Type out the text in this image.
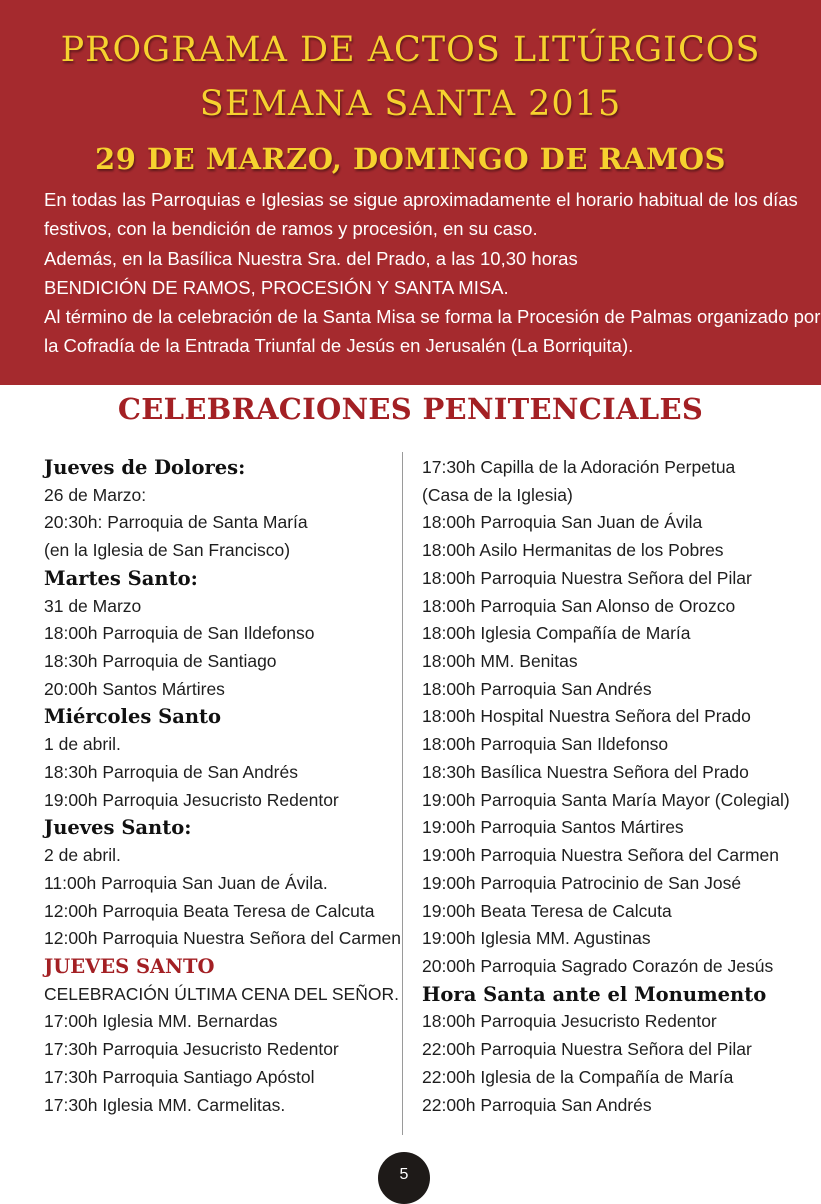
PROGRAMA DE ACTOS LITÚRGICOS
SEMANA SANTA 2015
29 DE MARZO, DOMINGO DE RAMOS
En todas las Parroquias e Iglesias se sigue aproximadamente el horario habitual de los días
festivos, con la bendición de ramos y procesión, en su caso.
Además, en la Basílica Nuestra Sra. del Prado, a las 10,30 horas
BENDICIÓN DE RAMOS, PROCESIÓN Y SANTA MISA.
Al término de la celebración de la Santa Misa se forma la Procesión de Palmas organizado por
la Cofradía de la Entrada Triunfal de Jesús en Jerusalén (La Borriquita).
CELEBRACIONES PENITENCIALES
Jueves de Dolores:
26 de Marzo:
20:30h: Parroquia de Santa María
(en la Iglesia de San Francisco)
Martes Santo:
31 de Marzo
18:00h Parroquia de San Ildefonso
18:30h Parroquia de Santiago
20:00h Santos Mártires
Miércoles Santo
1 de abril.
18:30h Parroquia de San Andrés
19:00h Parroquia Jesucristo Redentor
Jueves Santo:
2 de abril.
11:00h Parroquia San Juan de Ávila.
12:00h Parroquia Beata Teresa de Calcuta
12:00h Parroquia Nuestra Señora del Carmen
JUEVES SANTO
CELEBRACIÓN ÚLTIMA CENA DEL SEÑOR.
17:00h Iglesia MM. Bernardas
17:30h Parroquia Jesucristo Redentor
17:30h Parroquia Santiago Apóstol
17:30h Iglesia MM. Carmelitas.
17:30h Capilla de la Adoración Perpetua
(Casa de la Iglesia)
18:00h Parroquia San Juan de Ávila
18:00h Asilo Hermanitas de los Pobres
18:00h Parroquia Nuestra Señora del Pilar
18:00h Parroquia San Alonso de Orozco
18:00h Iglesia Compañía de María
18:00h MM. Benitas
18:00h Parroquia San Andrés
18:00h Hospital Nuestra Señora del Prado
18:00h Parroquia San Ildefonso
18:30h Basílica Nuestra Señora del Prado
19:00h Parroquia Santa María Mayor (Colegial)
19:00h Parroquia Santos Mártires
19:00h Parroquia Nuestra Señora del Carmen
19:00h Parroquia Patrocinio de San José
19:00h Beata Teresa de Calcuta
19:00h Iglesia MM. Agustinas
20:00h Parroquia Sagrado Corazón de Jesús
Hora Santa ante el Monumento
18:00h Parroquia Jesucristo Redentor
22:00h Parroquia Nuestra Señora del Pilar
22:00h Iglesia de la Compañía de María
22:00h Parroquia San Andrés
5
